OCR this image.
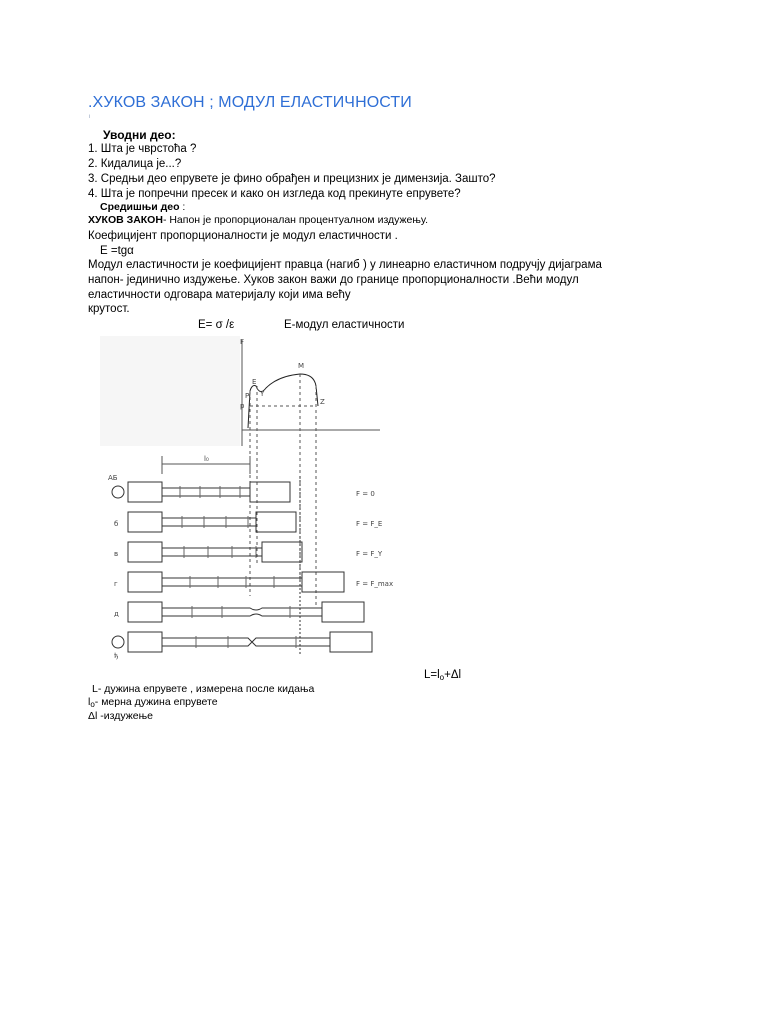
.ХУКОВ ЗАКОН ; МОДУЛ ЕЛАСТИЧНОСТИ
i
Уводни део:
1. Шта је чврстоћа ?
2. Кидалица је...?
3. Средњи део епрувете је фино обрађен и прецизних је димензија. Зашто?
4. Шта је попречни пресек и како он изгледа код прекинуте епрувете?
Средишњи део :
ХУКОВ ЗАКОН- Напон је пропорционалан процентуалном издужењу.
Коефицијент пропорционалности је модул еластичности .
E =tgα
Модул еластичности је коефицијент правца (нагиб ) у линеарно еластичном подручју дијаграма
напон- јединично издужење. Хуков закон важи до границе пропорционалности .Већи модул
еластичности одговара материјалу који има већу
крутост.
E= σ /ε	E-модул еластичности
F
E
P
M
Z
Y
p
l₀
АБ
б
в
г
д
ђ
F = 0
F = F_E
F = F_Y
F = F_max
$L=l_o+\Delta l$
L- дужина епрувете , измерена после кидања
$l_o-$ мерна дужина епрувете
Δl -издужење
